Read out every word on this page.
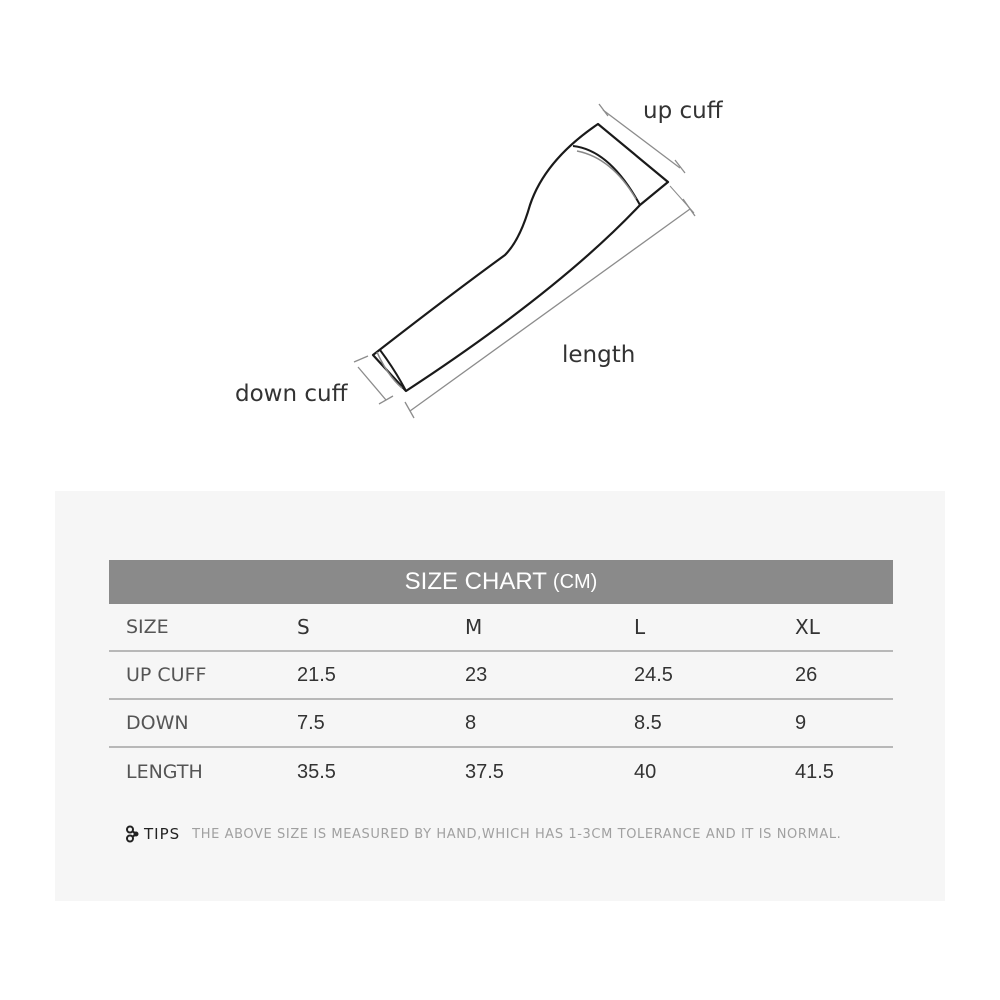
up cuff
length
down cuff
SIZE CHART (CM)
SIZE	S	M	L	XL
UP CUFF	21.5	23	24.5	26
DOWN	7.5	8	8.5	9
LENGTH	35.5	37.5	40	41.5
TIPS THE ABOVE SIZE IS MEASURED BY HAND,WHICH HAS 1-3CM TOLERANCE AND IT IS NORMAL.
